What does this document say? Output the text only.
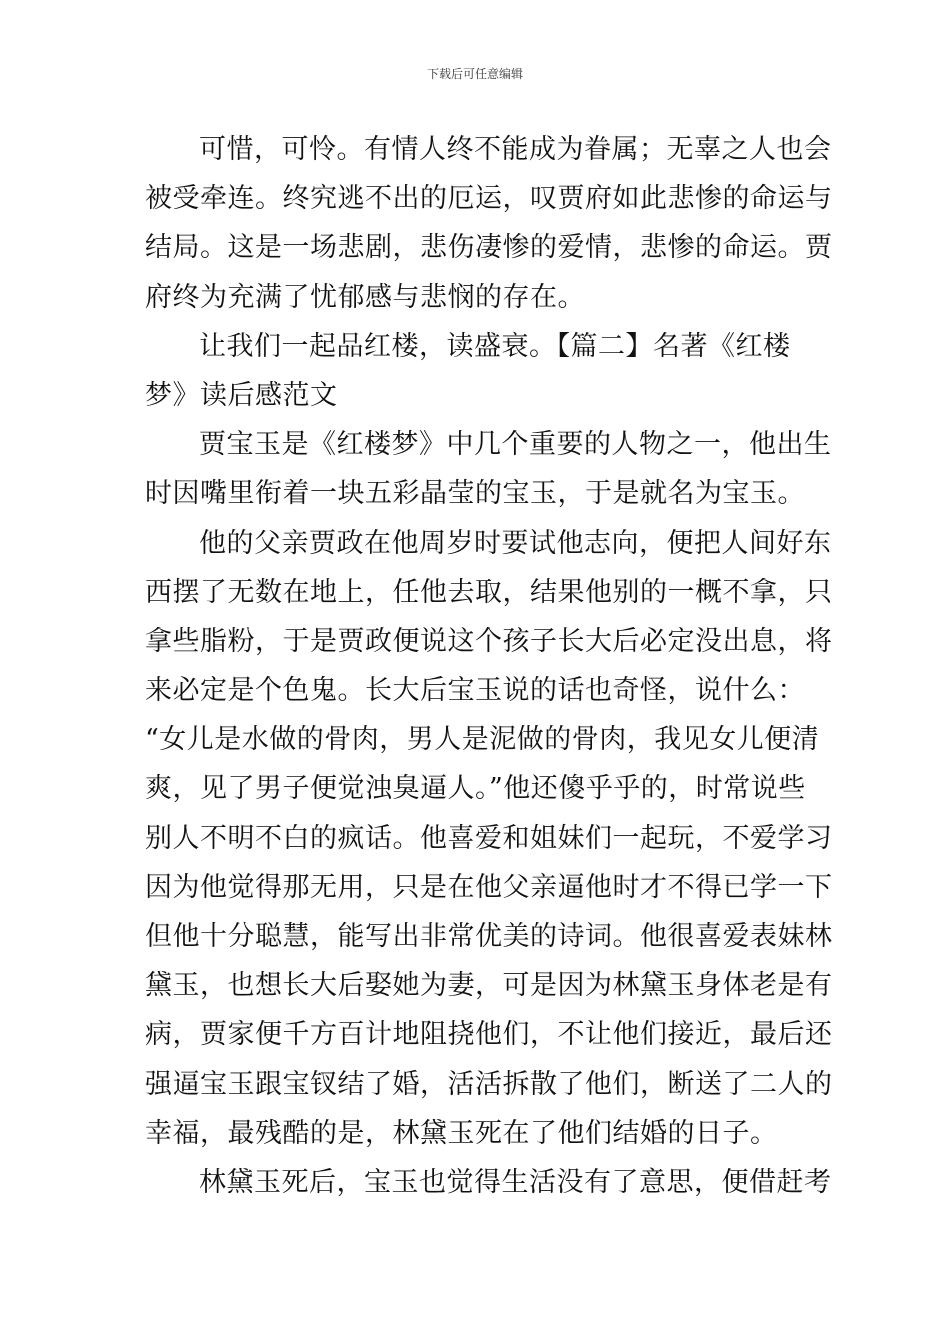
下载后可任意编辑
可惜，可怜。有情人终不能成为眷属；无辜之人也会
被受牵连。终究逃不出的厄运，叹贾府如此悲惨的命运与
结局。这是一场悲剧，悲伤凄惨的爱情，悲惨的命运。贾
府终为充满了忧郁感与悲悯的存在。
让我们一起品红楼，读盛衰。【篇二】名著《红楼
梦》读后感范文
贾宝玉是《红楼梦》中几个重要的人物之一，他出生
时因嘴里衔着一块五彩晶莹的宝玉，于是就名为宝玉。
他的父亲贾政在他周岁时要试他志向，便把人间好东
西摆了无数在地上，任他去取，结果他别的一概不拿，只
拿些脂粉，于是贾政便说这个孩子长大后必定没出息，将
来必定是个色鬼。长大后宝玉说的话也奇怪，说什么：
“女儿是水做的骨肉，男人是泥做的骨肉，我见女儿便清
爽，见了男子便觉浊臭逼人。”他还傻乎乎的，时常说些
别人不明不白的疯话。他喜爱和姐妹们一起玩，不爱学习
因为他觉得那无用，只是在他父亲逼他时才不得已学一下
但他十分聪慧，能写出非常优美的诗词。他很喜爱表妹林
黛玉，也想长大后娶她为妻，可是因为林黛玉身体老是有
病，贾家便千方百计地阻挠他们，不让他们接近，最后还
强逼宝玉跟宝钗结了婚，活活拆散了他们，断送了二人的
幸福，最残酷的是，林黛玉死在了他们结婚的日子。
林黛玉死后，宝玉也觉得生活没有了意思，便借赶考
